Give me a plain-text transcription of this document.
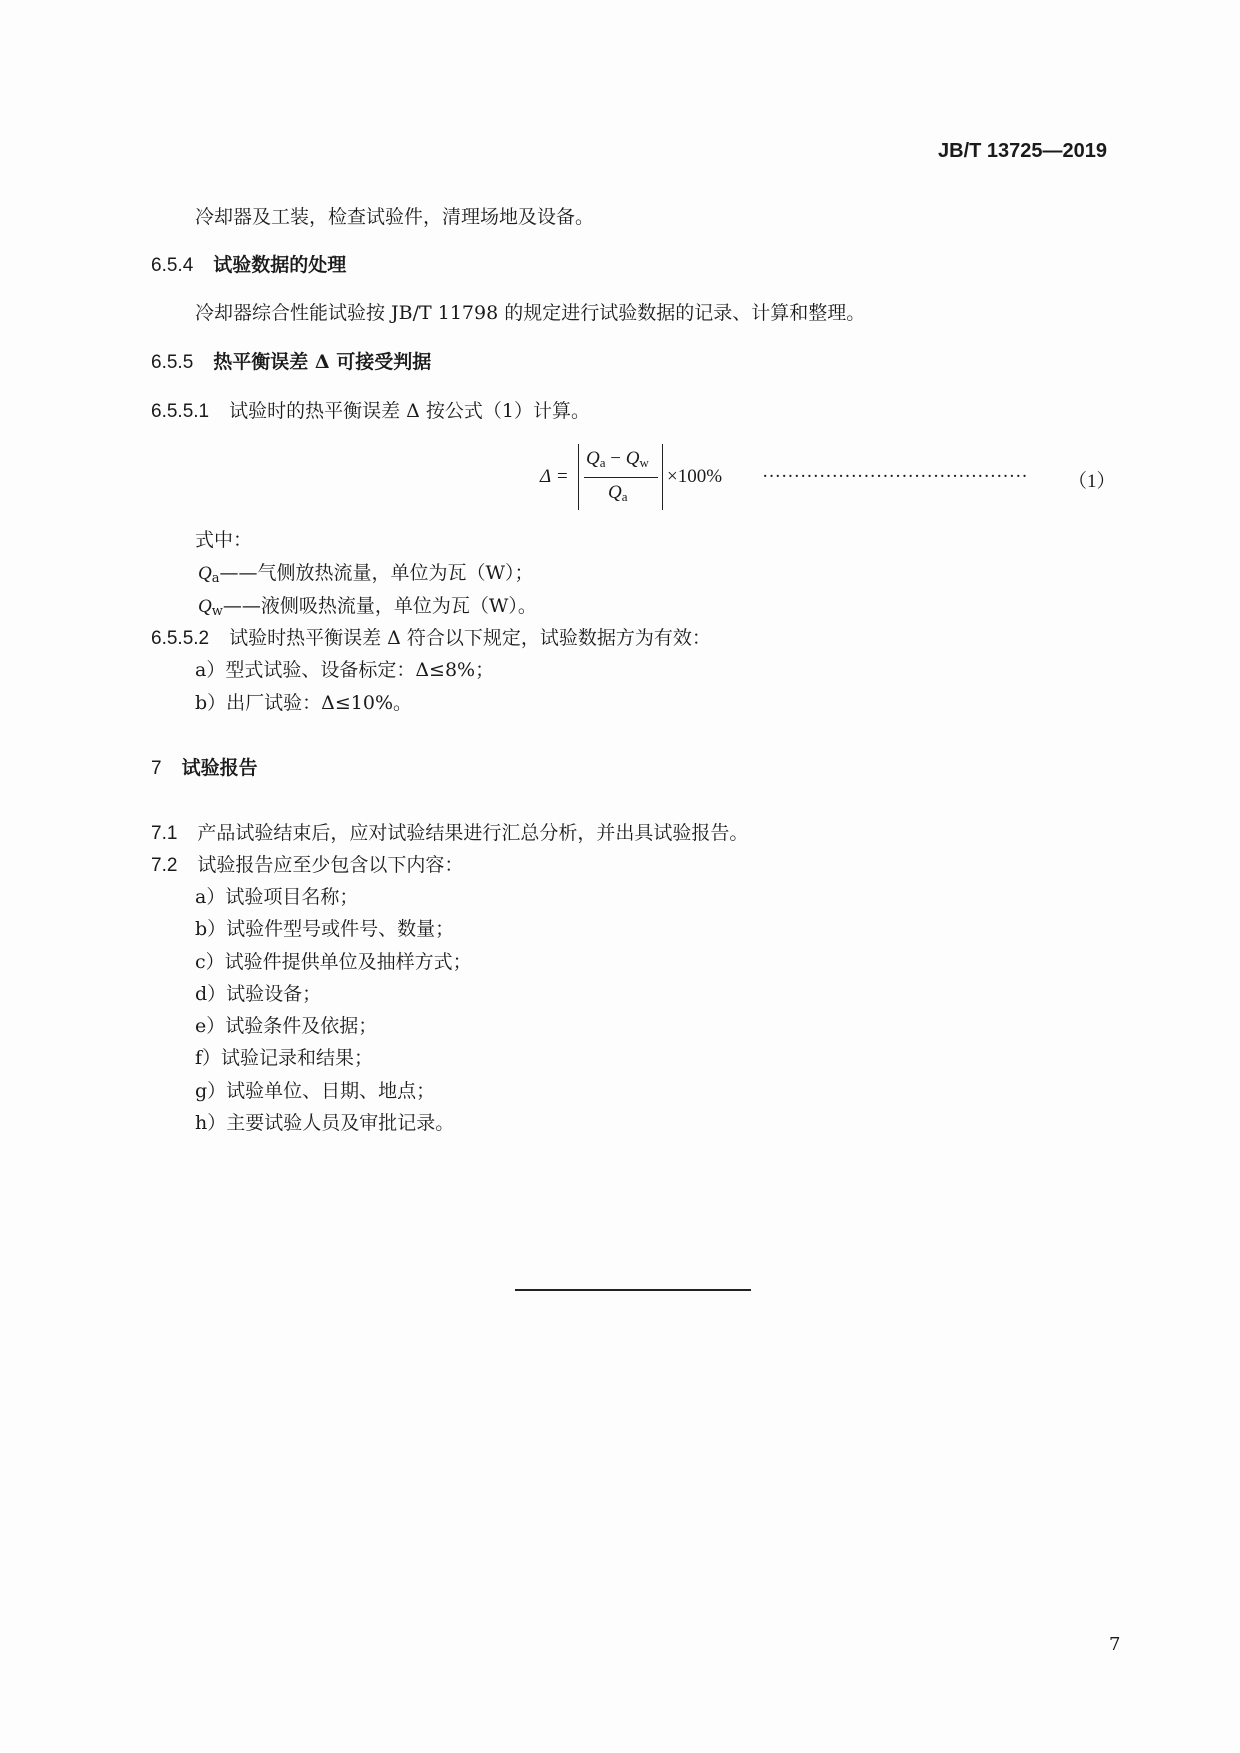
JB/T 13725—2019
冷却器及工装，检查试验件，清理场地及设备。
6.5.4 试验数据的处理
冷却器综合性能试验按 JB/T 11798 的规定进行试验数据的记录、计算和整理。
6.5.5 热平衡误差 Δ 可接受判据
6.5.5.1 试验时的热平衡误差 Δ 按公式（1）计算。
Δ =
$Q_a - Q_w$
$Q_a$
×100% ·········································· （1）
式中：
$Q_a——$气侧放热流量，单位为瓦（W）；
$Q_w——$液侧吸热流量，单位为瓦（W）。
6.5.5.2 试验时热平衡误差 Δ 符合以下规定，试验数据方为有效：
a）型式试验、设备标定：Δ≤8%；
b）出厂试验：Δ≤10%。
7 试验报告
7.1 产品试验结束后，应对试验结果进行汇总分析，并出具试验报告。
7.2 试验报告应至少包含以下内容：
a）试验项目名称；
b）试验件型号或件号、数量；
c）试验件提供单位及抽样方式；
d）试验设备；
e）试验条件及依据；
f）试验记录和结果；
g）试验单位、日期、地点；
h）主要试验人员及审批记录。
7
